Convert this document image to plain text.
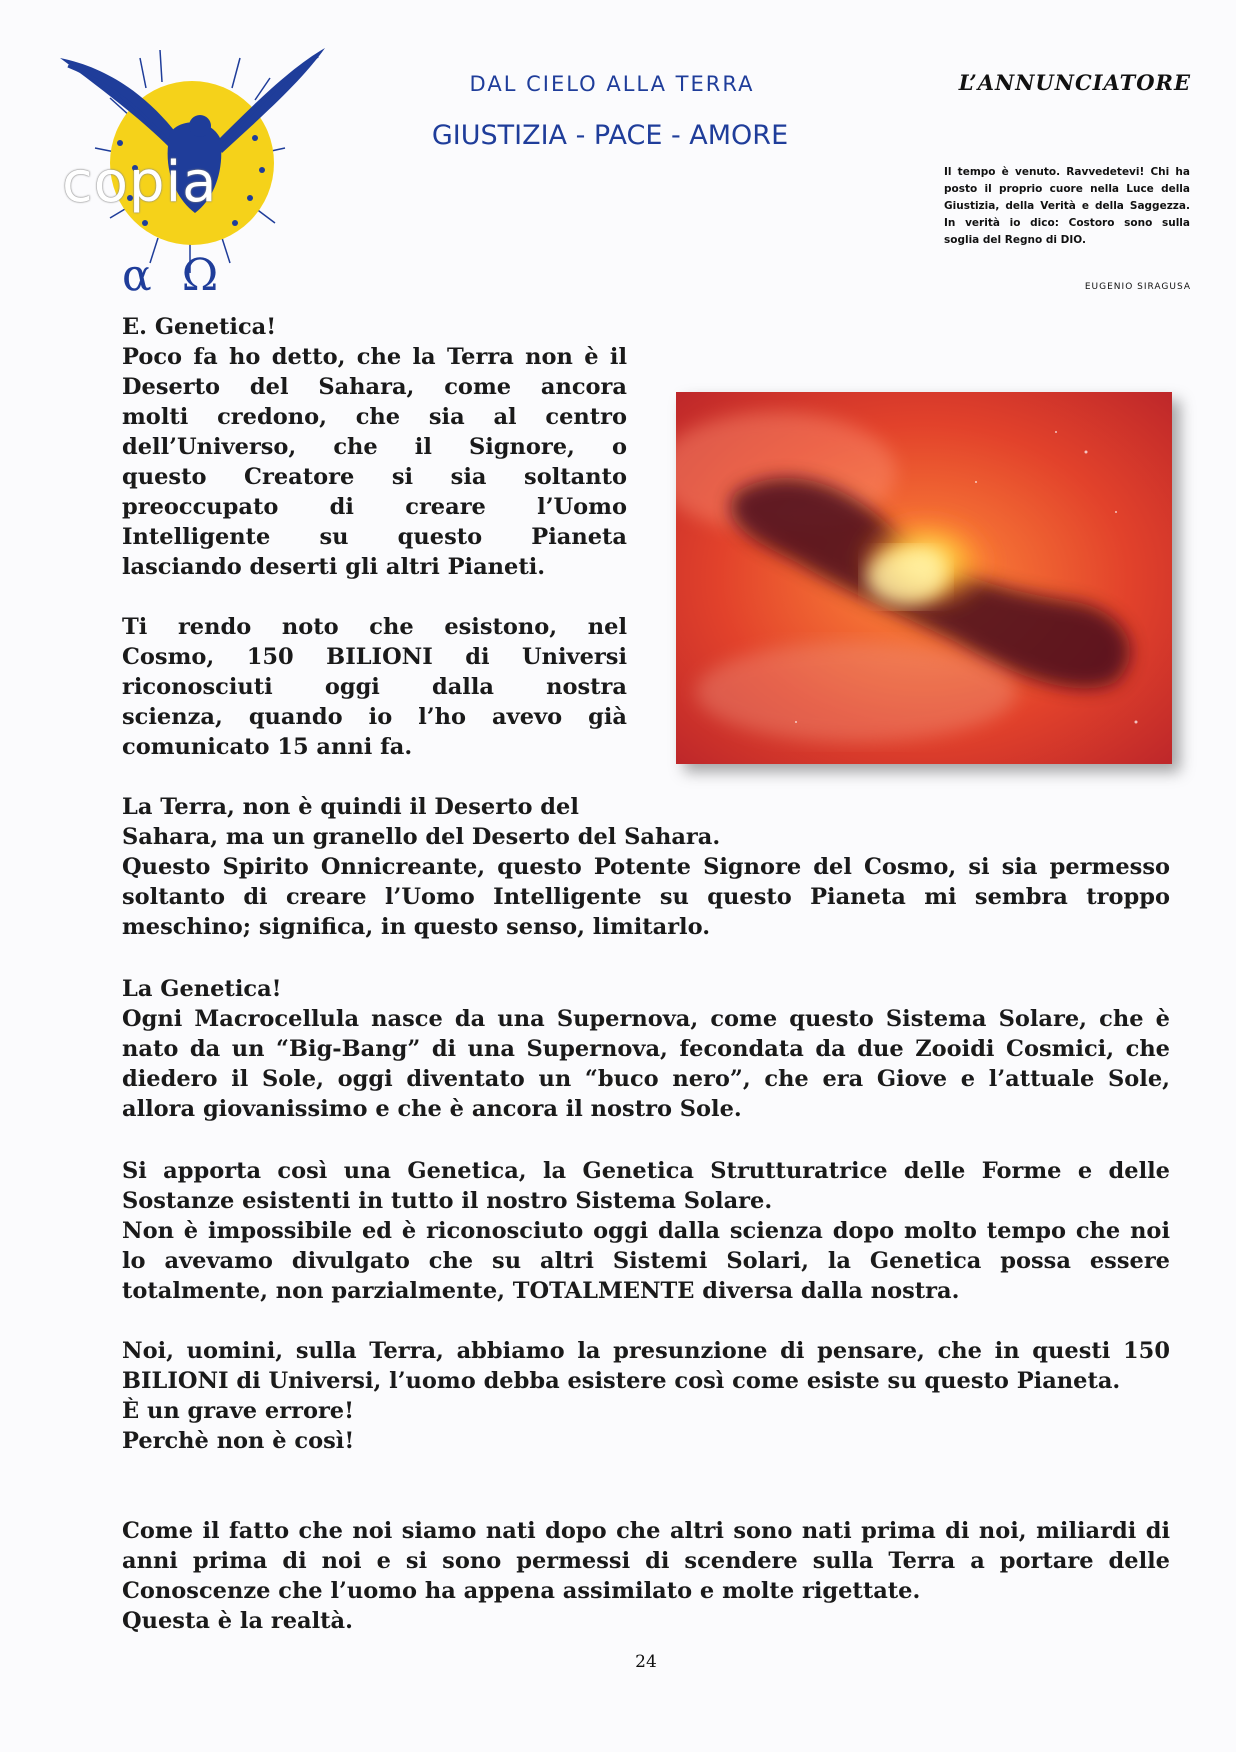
copia
α Ω
DAL CIELO ALLA TERRA
GIUSTIZIA - PACE - AMORE
L’ANNUNCIATORE
Il tempo è venuto. Ravvedetevi! Chi ha posto il proprio cuore nella Luce della Giustizia, della Verità e della Saggezza. In verità io dico: Costoro sono sulla soglia del Regno di DIO.
EUGENIO SIRAGUSA
E. Genetica!
Poco fa ho detto, che la Terra non è il
Deserto del Sahara, come ancora
molti credono, che sia al centro
dell’Universo, che il Signore, o
questo Creatore si sia soltanto
preoccupato di creare l’Uomo
Intelligente su questo Pianeta
lasciando deserti gli altri Pianeti.
Ti rendo noto che esistono, nel
Cosmo, 150 BILIONI di Universi
riconosciuti oggi dalla nostra
scienza, quando io l’ho avevo già
comunicato 15 anni fa.
La Terra, non è quindi il Deserto del
Sahara, ma un granello del Deserto del Sahara.

Questo Spirito Onnicreante, questo Potente Signore del Cosmo, si sia permesso soltanto di creare l’Uomo Intelligente su questo Pianeta mi sembra troppo meschino; significa, in questo senso, limitarlo.

La Genetica!

Ogni Macrocellula nasce da una Supernova, come questo Sistema Solare, che è nato da un “Big-Bang” di una Supernova, fecondata da due Zooidi Cosmici, che diedero il Sole, oggi diventato un “buco nero”, che era Giove e l’attuale Sole, allora giovanissimo e che è ancora il nostro Sole.

Si apporta così una Genetica, la Genetica Strutturatrice delle Forme e delle Sostanze esistenti in tutto il nostro Sistema Solare.

Non è impossibile ed è riconosciuto oggi dalla scienza dopo molto tempo che noi lo avevamo divulgato che su altri Sistemi Solari, la Genetica possa essere totalmente, non parzialmente, TOTALMENTE diversa dalla nostra.

Noi, uomini, sulla Terra, abbiamo la presunzione di pensare, che in questi 150 BILIONI di Universi, l’uomo debba esistere così come esiste su questo Pianeta.

È un grave errore!

Perchè non è così!

Come il fatto che noi siamo nati dopo che altri sono nati prima di noi, miliardi di anni prima di noi e si sono permessi di scendere sulla Terra a portare delle Conoscenze che l’uomo ha appena assimilato e molte rigettate.

Questa è la realtà.

24
